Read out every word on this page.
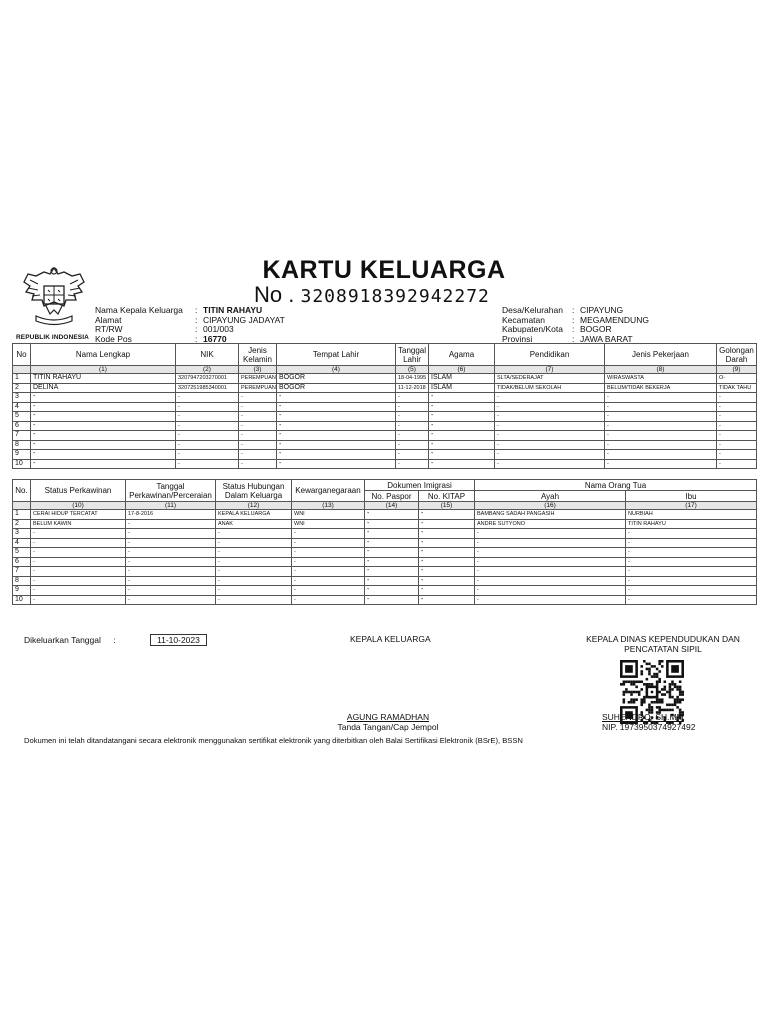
REPUBLIK INDONESIA
KARTU KELUARGA
No . 3208918392942272
Nama Kepala Keluarga	: TITIN RAHAYU
Alamat	: CIPAYUNG JADAYAT
RT/RW	: 001/003
Kode Pos	: 16770
Desa/Kelurahan	: CIPAYUNG
Kecamatan	: MEGAMENDUNG
Kabupaten/Kota	: BOGOR
Provinsi	: JAWA BARAT
No	Nama Lengkap	NIK	Jenis Kelamin	Tempat Lahir	Tanggal Lahir	Agama	Pendidikan	Jenis Pekerjaan	Golongan Darah
	(1)	(2)	(3)	(4)	(5)	(6)	(7)	(8)	(9)
1	TITIN RAHAYU	3207947203270001	PEREMPUAN	BOGOR	18-04-1995	ISLAM	SLTA/SEDERAJAT	WIRASWASTA	O-
2	DELINA	3207251985340001	PEREMPUAN	BOGOR	11-12-2018	ISLAM	TIDAK/BELUM SEKOLAH	BELUM/TIDAK BEKERJA	TIDAK TAHU
3	-	-	-	-	-	-	-	-	-
4	-	-	-	-	-	-	-	-	-
5	-	-	-	-	-	-	-	-	-
6	-	-	-	-	-	-	-	-	-
7	-	-	-	-	-	-	-	-	-
8	-	-	-	-	-	-	-	-	-
9	-	-	-	-	-	-	-	-	-
10	-	-	-	-	-	-	-	-	-
No.	Status Perkawinan	Tanggal Perkawinan/Perceraian	Status Hubungan Dalam Keluarga	Kewarganegaraan	Dokumen Imigrasi		Nama Orang Tua	
					No. Paspor	No. KITAP	Ayah	Ibu
	(10)	(11)	(12)	(13)	(14)	(15)	(16)	(17)
1	CERAI HIDUP TERCATAT	17-8-2016	KEPALA KELUARGA	WNI	-	-	BAMBANG SADAH PANGASIH	NURBIAH
2	BELUM KAWIN	-	ANAK	WNI	-	-	ANDRE SUTYONO	TITIN RAHAYU
3	-	-	-	-	-	-	-	-
4	-	-	-	-	-	-	-	-
5	-	-	-	-	-	-	-	-
6	-	-	-	-	-	-	-	-
7	-	-	-	-	-	-	-	-
8	-	-	-	-	-	-	-	-
9	-	-	-	-	-	-	-	-
10	-	-	-	-	-	-	-	-
Dikeluarkan Tanggal :	11-10-2023	KEPALA KELUARGA	KEPALA DINAS KEPENDUDUKAN DAN
PENCATATAN SIPIL
AGUNG RAMADHAN
Tanda Tangan/Cap Jempol
SUHENDRO, SH.MM
NIP. 1973950374927492
Dokumen ini telah ditandatangani secara elektronik menggunakan sertifikat elektronik yang diterbitkan oleh Balai Sertifikasi Elektronik (BSrE), BSSN
